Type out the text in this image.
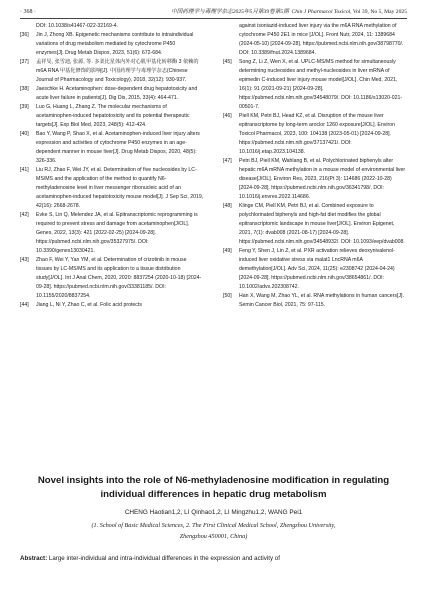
· 368 ·	中国药理学与毒理学杂志2025年5月第39卷第5期 Chin J Pharmacol Toxicol, Vol 39, No 5, May 2025

DOI: 10.1038/s41467-022-32169-4.

[36] Jin J, Zhong XB. Epigenetic mechanisms contribute to intraindividual variations of drug metabolism mediated by cytochrome P450 enzymes[J]. Drug Metab Dispos, 2023, 51(6): 672-684.

[37] 孟祥旻, 张雪迪, 张源, 等. 多柔比星体内外对心肌甲基化转移酶 3 依赖的 m6A RNA 甲基化修饰的影响[J]. 中国药理学与毒理学杂志(Chinese Journal of Pharmacology and Toxicology), 2018, 32(12): 930-937.

[38] Jaeschke H. Acetaminophen: dose-dependent drug hepatotoxicity and acute liver failure in patients[J]. Dig Dis, 2015, 33(4): 464-471.

[39] Luo G, Huang L, Zhang Z. The molecular mechanisms of acetaminophen-induced hepatotoxicity and its potential therapeutic targets[J]. Exp Biol Med, 2023, 248(5): 412-424.

[40] Bao Y, Wang P, Shao X, et al. Acetaminophen-induced liver injury alters expression and activities of cytochrome P450 enzymes in an age-dependent manner in mouse liver[J]. Drug Metab Dispos, 2020, 48(5): 326-336.

[41] Liu RJ, Zhao F, Wei JY, et al. Determination of five nucleosides by LC-MS/MS and the application of the method to quantify N6-methyladenosine level in liver messenger ribonucleic acid of an acetaminophen-induced hepatotoxicity mouse model[J]. J Sep Sci, 2019, 42(16): 2668-2678.

[42] Evke S, Lin Q, Melendez JA, et al. Epitranscriptomic reprogramming is required to prevent stress and damage from acetaminophen[J/OL]. Genes, 2022, 13(3): 421 (2022-02-25) [2024-09-28]. https://pubmed.ncbi.nlm.nih.gov/35327975/. DOI: 10.3390/genes13030421.

[43] Zhao F, Wei Y, Yan YM, et al. Determination of crizotinib in mouse tissues by LC-MS/MS and its application to a tissue distribution study[J/OL]. Int J Anal Chem, 2020, 2020: 8837254 (2020-10-18) [2024-09-28]. https://pubmed.ncbi.nlm.nih.gov/33381185/. DOI: 10.1155/2020/8837254.

[44] Jiang L, Ni Y, Zhao C, et al. Folic acid protects

against isoniazid-induced liver injury via the m6A RNA methylation of cytochrome P450 2E1 in mice [J/OL]. Front Nutr, 2024, 11: 1389684 (2024-05-10) [2024-09-28]. https://pubmed.ncbi.nlm.nih.gov/38798770/. DOI: 10.3389/fnut.2024.1389684.

[45] Song Z, Li Z, Wen X, et al. UPLC-MS/MS method for simultaneously determining nucleosides and methyl-nucleosides in liver mRNA of epimedin C-induced liver injury mouse model[J/OL]. Chin Med, 2021, 16(1): 91 (2021-09-21) [2024-09-28]. https://pubmed.ncbi.nlm.nih.gov/34548079/. DOI: 10.1186/s13020-021-00501-7.

[46] Piell KM, Petri BJ, Head KZ, et al. Disruption of the mouse liver epitranscriptome by long-term aroclor 1260 exposure[J/OL]. Environ Toxicol Pharmacol, 2023, 100: 104138 (2023-05-01) [2024-09-28]. https://pubmed.ncbi.nlm.nih.gov/37137421/. DOI: 10.1016/j.etap.2023.104138.

[47] Petri BJ, Piell KM, Wahlang B, et al. Polychlorinated biphenyls alter hepatic m6A mRNA methylation in a mouse model of environmental liver disease[J/OL]. Environ Res, 2023, 216(Pt 3): 114686 (2022-10-28) [2024-09-28]. https://pubmed.ncbi.nlm.nih.gov/36341798/. DOI: 10.1016/j.envres.2022.114686.

[48] Klinge CM, Piell KM, Petri BJ, et al. Combined exposure to polychlorinated biphenyls and high-fat diet modifies the global epitranscriptomic landscape in mouse liver[J/OL]. Environ Epigenet, 2021, 7(1): dvab008 (2021-08-17) [2024-09-28]. https://pubmed.ncbi.nlm.nih.gov/34548932/. DOI: 10.1093/eep/dvab008.

[49] Feng Y, Shen J, Lin Z, et al. PXR activation relieves deoxynivalenol-induced liver oxidative stress via malat1 LncRNA m6A demethylation[J/OL]. Adv Sci, 2024, 11(25): e2308742 (2024-04-24) [2024-09-28]. https://pubmed.ncbi.nlm.nih.gov/38654861/. DOI: 10.1002/advs.202308742.

[50] Han X, Wang M, Zhao YL, et al. RNA methylations in human cancers[J]. Semin Cancer Biol, 2021, 75: 97-115.

Novel insights into the role of N6-methyladenosine modification in regulating individual differences in hepatic drug metabolism
CHENG Haotian1,2, LI Qinhao1,2, LI Mingzhu1,2, WANG Pei1
(1. School of Basic Medical Sciences, 2. The First Clinical Medical School, Zhengzhou University,
Zhengzhou 450001, China)
Abstract: Large inter-individual and intra-individual differences in the expression and activity of
